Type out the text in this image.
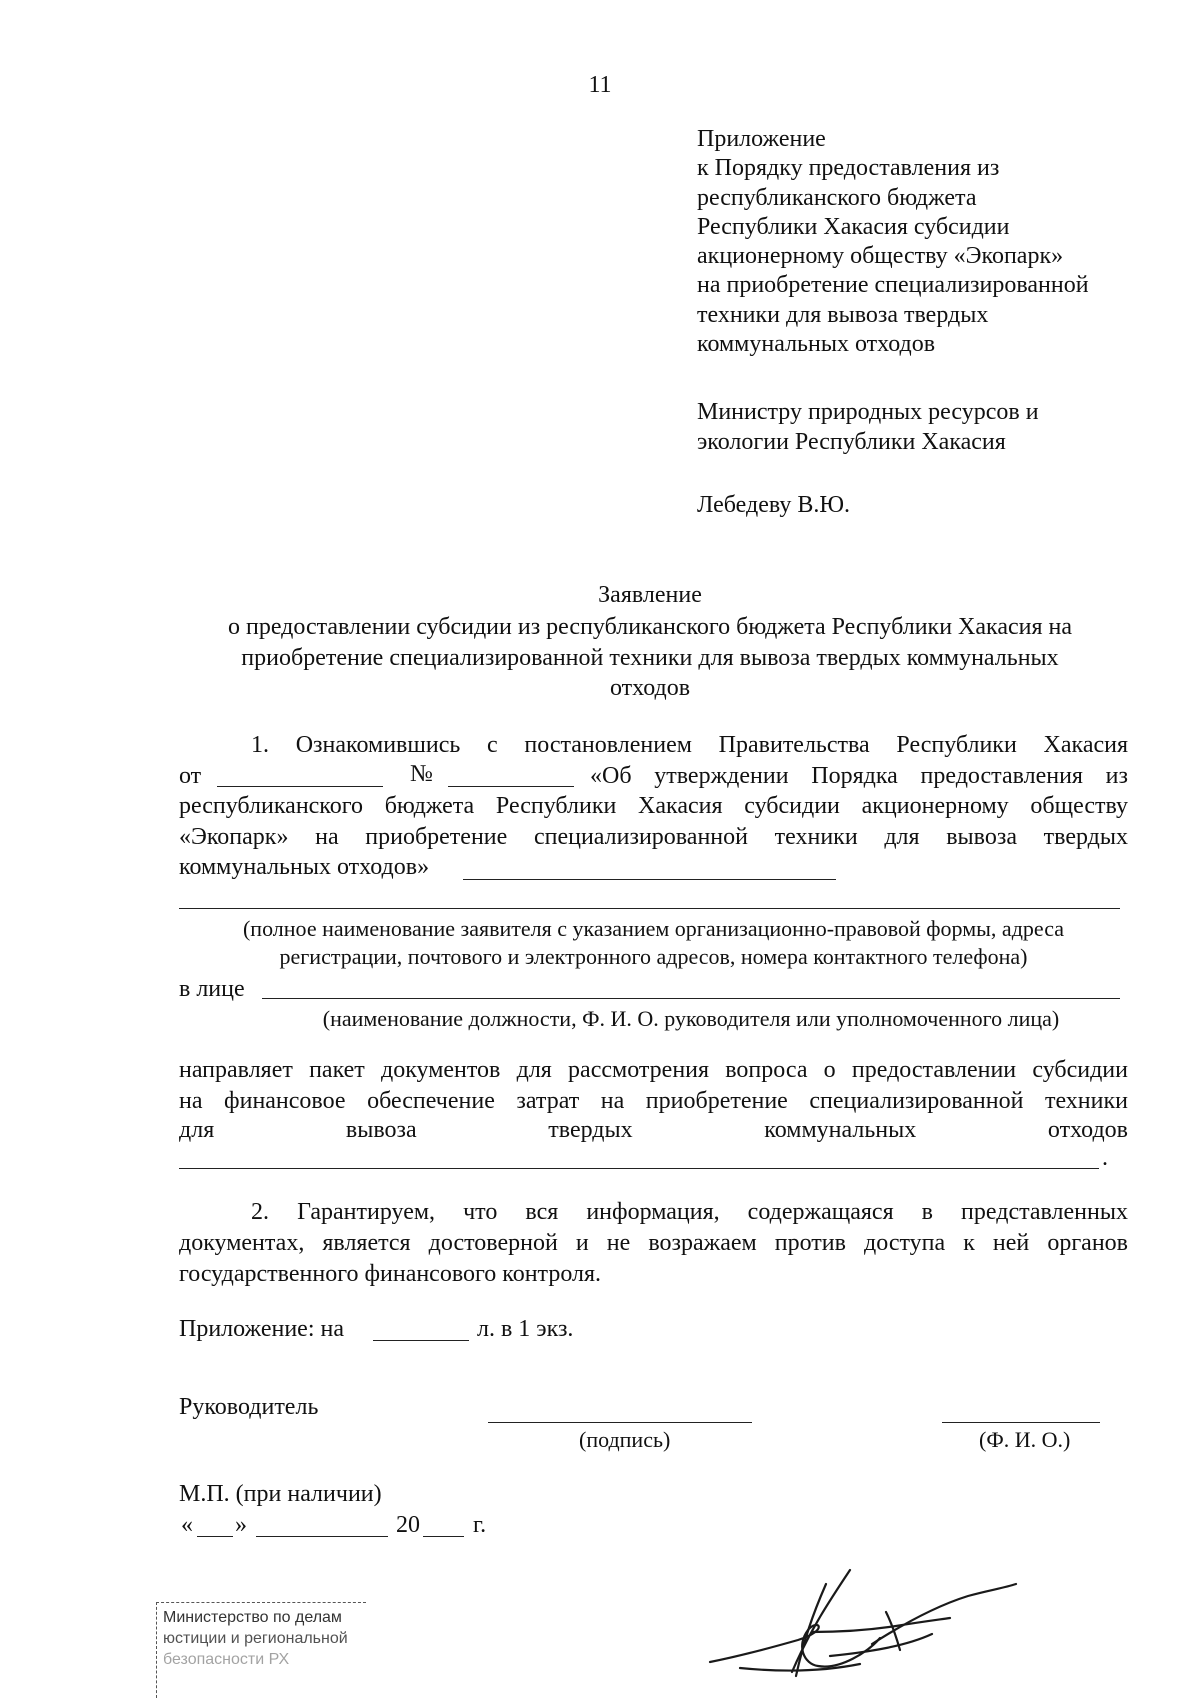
11
Приложение
к Порядку предоставления из
республиканского бюджета
Республики Хакасия субсидии
акционерному обществу «Экопарк»
на приобретение специализированной
техники для вывоза твердых
коммунальных отходов
Министру природных ресурсов и
экологии Республики Хакасия
Лебедеву В.Ю.
Заявление
о предоставлении субсидии из республиканского бюджета Республики Хакасия на
приобретение специализированной техники для вывоза твердых коммунальных
отходов
1. Ознакомившись с постановлением Правительства Республики Хакасия
от	№	«Об утверждении Порядка предоставления из
республиканского бюджета Республики Хакасия субсидии акционерному обществу
«Экопарк» на приобретение специализированной техники для вывоза твердых
коммунальных отходов»
(полное наименование заявителя с указанием организационно-правовой формы, адреса
регистрации, почтового и электронного адресов, номера контактного телефона)
в лице
(наименование должности, Ф. И. О. руководителя или уполномоченного лица)
направляет пакет документов для рассмотрения вопроса о предоставлении субсидии
на финансовое обеспечение затрат на приобретение специализированной техники
для	вывоза	твердых	коммунальных	отходов
.
2. Гарантируем, что вся информация, содержащаяся в представленных
документах, является достоверной и не возражаем против доступа к ней органов
государственного финансового контроля.
Приложение: на	л. в 1 экз.
Руководитель
(подпись)	(Ф. И. О.)
М.П. (при наличии)
« »	20 г.
Министерство по делам
юстиции и региональной
безопасности РХ
